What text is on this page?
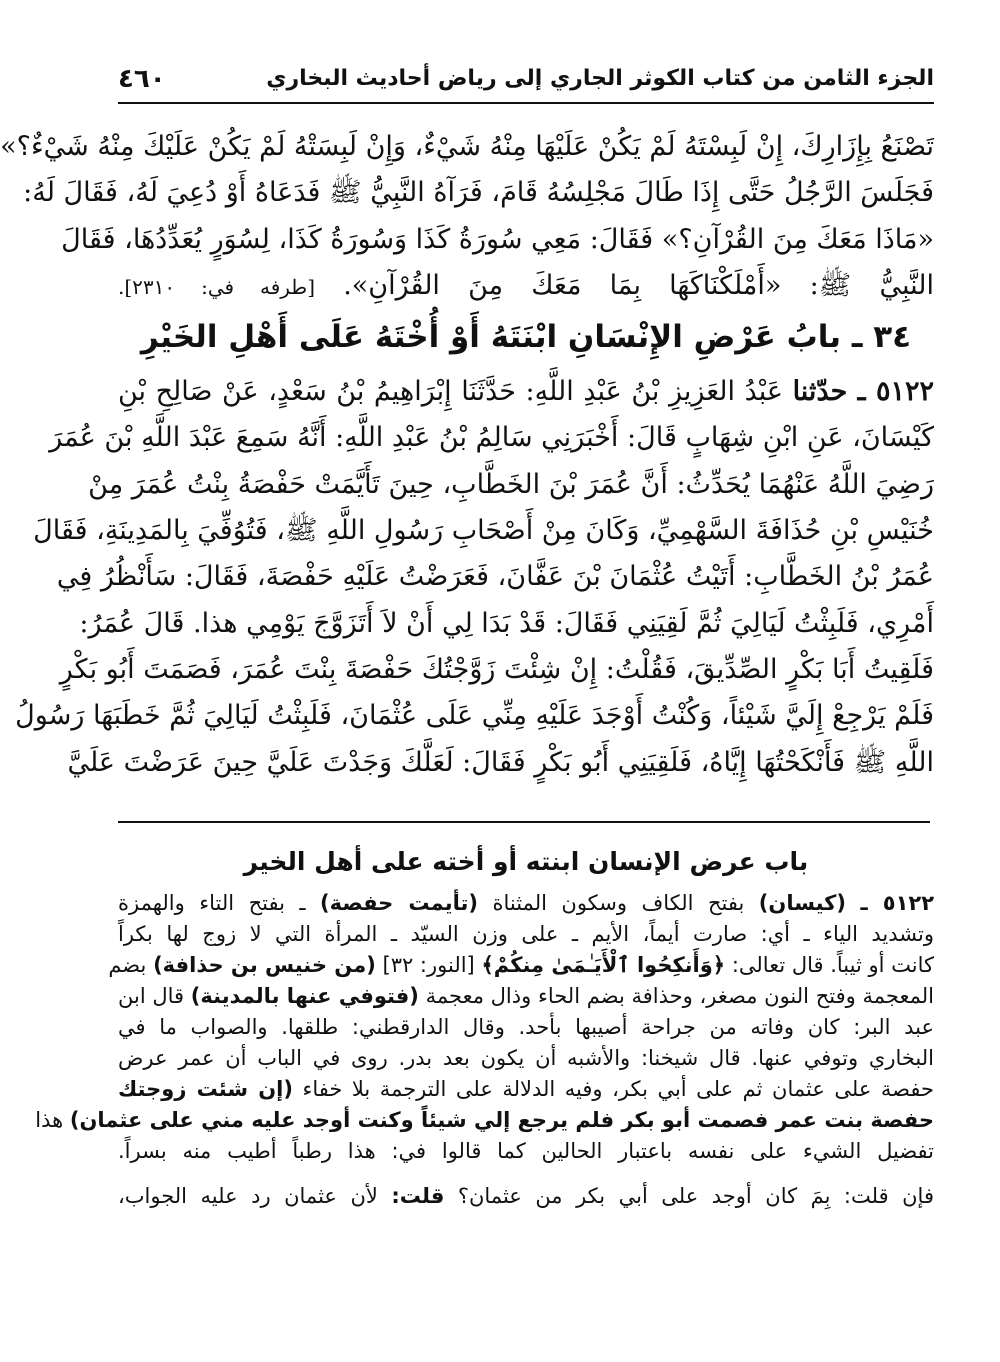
٤٦٠	الجزء الثامن من كتاب الكوثر الجاري إلى رياض أحاديث البخاري
تَصْنَعُ بِإِزَارِكَ، إِنْ لَبِسْتَهُ لَمْ يَكُنْ عَلَيْهَا مِنْهُ شَيْءٌ، وَإِنْ لَبِسَتْهُ لَمْ يَكُنْ عَلَيْكَ مِنْهُ شَيْءٌ؟»
فَجَلَسَ الرَّجُلُ حَتَّى إِذَا طَالَ مَجْلِسُهُ قَامَ، فَرَآهُ النَّبِيُّ ﷺ فَدَعَاهُ أَوْ دُعِيَ لَهُ، فَقَالَ لَهُ:
«مَاذَا مَعَكَ مِنَ القُرْآنِ؟» فَقَالَ: مَعِي سُورَةُ كَذَا وَسُورَةُ كَذَا، لِسُوَرٍ يُعَدِّدُهَا، فَقَالَ
النَّبِيُّ ﷺ: «أَمْلَكْنَاكَهَا بِمَا مَعَكَ مِنَ القُرْآنِ». [طرفه في: ٢٣١٠].
٣٤ ـ بابُ عَرْضِ الإِنْسَانِ ابْنَتَهُ أَوْ أُخْتَهُ عَلَى أَهْلِ الخَيْرِ
٥١٢٢ ـ حدّثنا عَبْدُ العَزِيزِ بْنُ عَبْدِ اللَّهِ: حَدَّثَنَا إِبْرَاهِيمُ بْنُ سَعْدٍ، عَنْ صَالِحِ بْنِ
كَيْسَانَ، عَنِ ابْنِ شِهَابٍ قَالَ: أَخْبَرَنِي سَالِمُ بْنُ عَبْدِ اللَّهِ: أَنَّهُ سَمِعَ عَبْدَ اللَّهِ بْنَ عُمَرَ
رَضِيَ اللَّهُ عَنْهُمَا يُحَدِّثُ: أَنَّ عُمَرَ بْنَ الخَطَّابِ، حِينَ تَأَيَّمَتْ حَفْصَةُ بِنْتُ عُمَرَ مِنْ
خُنَيْسِ بْنِ حُذَافَةَ السَّهْمِيِّ، وَكَانَ مِنْ أَصْحَابِ رَسُولِ اللَّهِ ﷺ، فَتُوُفِّيَ بِالمَدِينَةِ، فَقَالَ
عُمَرُ بْنُ الخَطَّابِ: أَتَيْتُ عُثْمَانَ بْنَ عَفَّانَ، فَعَرَضْتُ عَلَيْهِ حَفْصَةَ، فَقَالَ: سَأَنْظُرُ فِي
أَمْرِي، فَلَبِثْتُ لَيَالِيَ ثُمَّ لَقِيَنِي فَقَالَ: قَدْ بَدَا لِي أَنْ لاَ أَتَزَوَّجَ يَوْمِي هذا. قَالَ عُمَرُ:
فَلَقِيتُ أَبَا بَكْرٍ الصِّدِّيقَ، فَقُلْتُ: إِنْ شِئْتَ زَوَّجْتُكَ حَفْصَةَ بِنْتَ عُمَرَ، فَصَمَتَ أَبُو بَكْرٍ
فَلَمْ يَرْجِعْ إِلَيَّ شَيْئاً، وَكُنْتُ أَوْجَدَ عَلَيْهِ مِنِّي عَلَى عُثْمَانَ، فَلَبِثْتُ لَيَالِيَ ثُمَّ خَطَبَهَا رَسُولُ
اللَّهِ ﷺ فَأَنْكَحْتُهَا إِيَّاهُ، فَلَقِيَنِي أَبُو بَكْرٍ فَقَالَ: لَعَلَّكَ وَجَدْتَ عَلَيَّ حِينَ عَرَضْتَ عَلَيَّ
باب عرض الإنسان ابنته أو أخته على أهل الخير
٥١٢٢ ـ (كيسان) بفتح الكاف وسكون المثناة (تأيمت حفصة) ـ بفتح التاء والهمزة
وتشديد الياء ـ أي: صارت أيماً، الأيم ـ على وزن السيّد ـ المرأة التي لا زوج لها بكراً
كانت أو ثيباً. قال تعالى: ﴿وَأَنكِحُوا ٱلْأَيَـٰمَىٰ مِنكُمْ﴾ [النور: ٣٢] (من خنيس بن حذافة) بضم
المعجمة وفتح النون مصغر، وحذافة بضم الحاء وذال معجمة (فتوفي عنها بالمدينة) قال ابن
عبد البر: كان وفاته من جراحة أصيبها بأحد. وقال الدارقطني: طلقها. والصواب ما في
البخاري وتوفي عنها. قال شيخنا: والأشبه أن يكون بعد بدر. روى في الباب أن عمر عرض
حفصة على عثمان ثم على أبي بكر، وفيه الدلالة على الترجمة بلا خفاء (إن شئت زوجتك
حفصة بنت عمر فصمت أبو بكر فلم يرجع إلي شيئاً وكنت أوجد عليه مني على عثمان) هذا
تفضيل الشيء على نفسه باعتبار الحالين كما قالوا في: هذا رطباً أطيب منه بسراً.
فإن قلت: بِمَ كان أوجد على أبي بكر من عثمان؟ قلت: لأن عثمان رد عليه الجواب،
